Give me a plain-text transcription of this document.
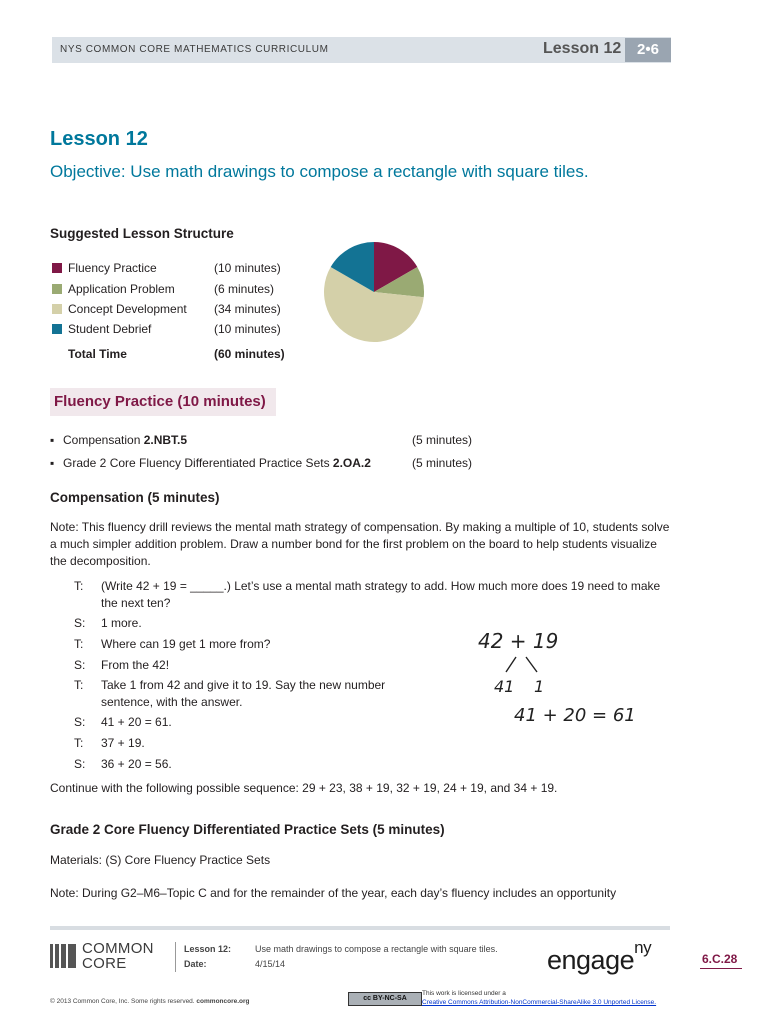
NYS COMMON CORE MATHEMATICS CURRICULUM	Lesson 12	2•6
Lesson 12
Objective: Use math drawings to compose a rectangle with square tiles.
Suggested Lesson Structure
Fluency Practice	(10 minutes)
Application Problem	(6 minutes)
Concept Development (34 minutes)
Student Debrief	(10 minutes)
Total Time	(60 minutes)
Fluency Practice (10 minutes)
▪ Compensation 2.NBT.5	(5 minutes)
▪ Grade 2 Core Fluency Differentiated Practice Sets 2.OA.2	(5 minutes)
Compensation (5 minutes)
Note: This fluency drill reviews the mental math strategy of compensation. By making a multiple of 10, students solve a much simpler addition problem. Draw a number bond for the first problem on the board to help students visualize the decomposition.
T: (Write 42 + 19 = _____.) Let’s use a mental math strategy to add. How much more does 19 need to make the next ten?
S: 1 more.
T: Where can 19 get 1 more from?
S: From the 42!
T: Take 1 from 42 and give it to 19. Say the new number sentence, with the answer.
S: 41 + 20 = 61.
T: 37 + 19.
S: 36 + 20 = 56.
42 + 19
41 1
41 + 20 = 61
Continue with the following possible sequence: 29 + 23, 38 + 19, 32 + 19, 24 + 19, and 34 + 19.
Grade 2 Core Fluency Differentiated Practice Sets (5 minutes)
Materials: (S) Core Fluency Practice Sets
Note: During G2–M6–Topic C and for the remainder of the year, each day’s fluency includes an opportunity
COMMON
CORE
Lesson 12:	Use math drawings to compose a rectangle with square tiles.
Date:	4/15/14	engage$^{ny}$
6.C.28
© 2013 Common Core, Inc. Some rights reserved. commoncore.org	cc BY-NC-SA
This work is licensed under a
Creative Commons Attribution-NonCommercial-ShareAlike 3.0 Unported License.
